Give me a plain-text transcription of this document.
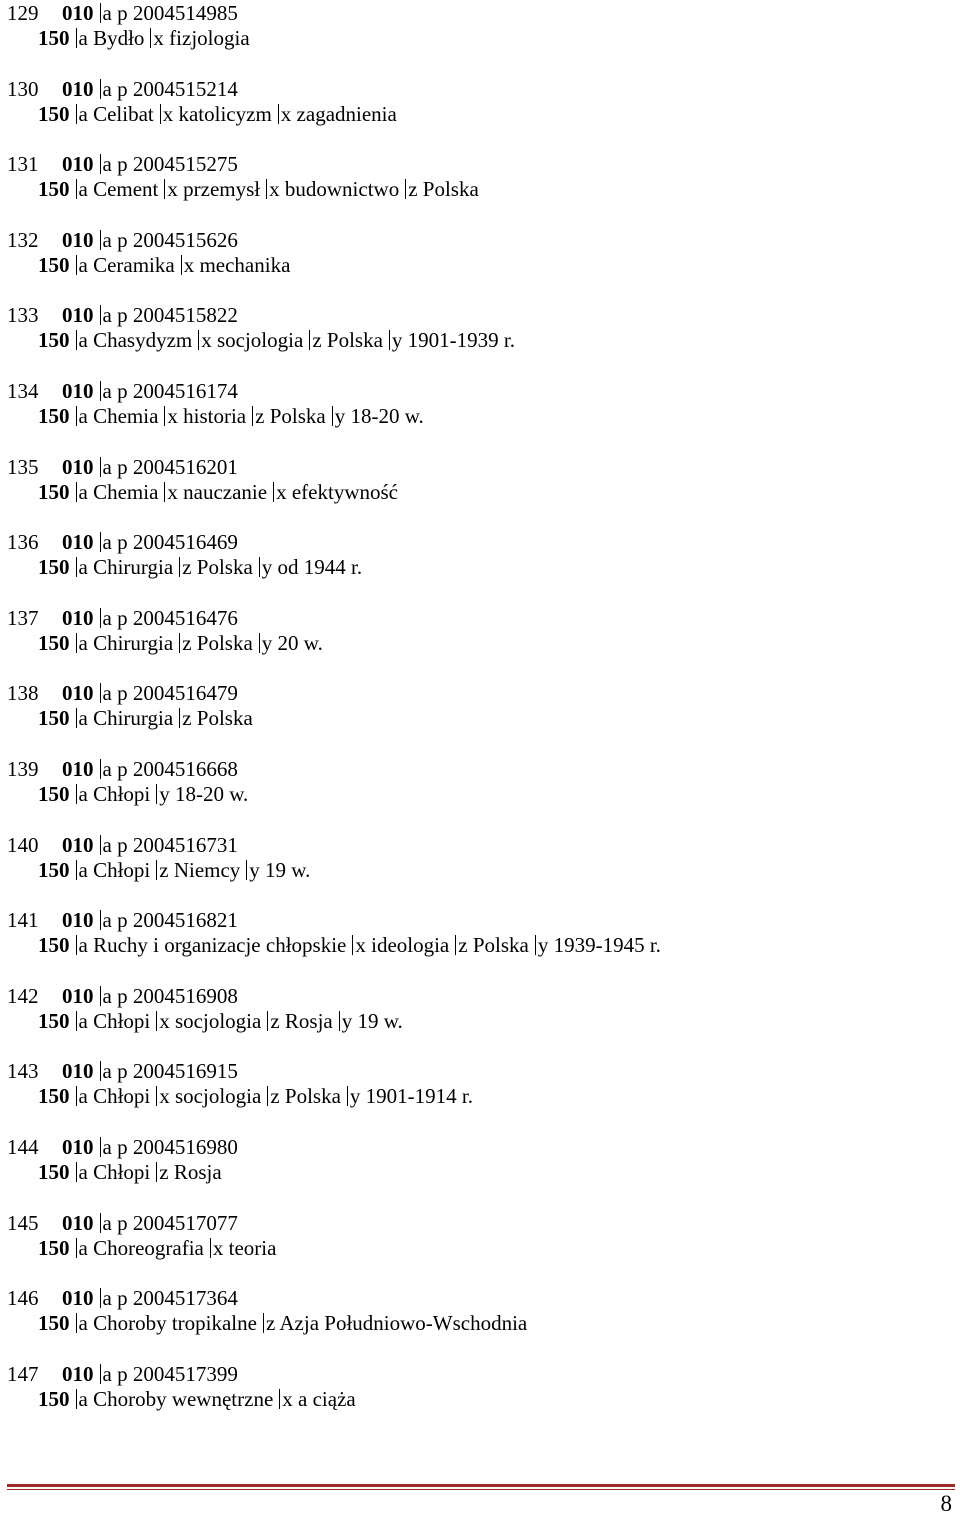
129 010 a p 2004514985
150 a Bydło x fizjologia
130 010 a p 2004515214
150 a Celibat x katolicyzm x zagadnienia
131 010 a p 2004515275
150 a Cement x przemysł x budownictwo z Polska
132 010 a p 2004515626
150 a Ceramika x mechanika
133 010 a p 2004515822
150 a Chasydyzm x socjologia z Polska y 1901-1939 r.
134 010 a p 2004516174
150 a Chemia x historia z Polska y 18-20 w.
135 010 a p 2004516201
150 a Chemia x nauczanie x efektywność
136 010 a p 2004516469
150 a Chirurgia z Polska y od 1944 r.
137 010 a p 2004516476
150 a Chirurgia z Polska y 20 w.
138 010 a p 2004516479
150 a Chirurgia z Polska
139 010 a p 2004516668
150 a Chłopi y 18-20 w.
140 010 a p 2004516731
150 a Chłopi z Niemcy y 19 w.
141 010 a p 2004516821
150 a Ruchy i organizacje chłopskie x ideologia z Polska y 1939-1945 r.
142 010 a p 2004516908
150 a Chłopi x socjologia z Rosja y 19 w.
143 010 a p 2004516915
150 a Chłopi x socjologia z Polska y 1901-1914 r.
144 010 a p 2004516980
150 a Chłopi z Rosja
145 010 a p 2004517077
150 a Choreografia x teoria
146 010 a p 2004517364
150 a Choroby tropikalne z Azja Południowo-Wschodnia
147 010 a p 2004517399
150 a Choroby wewnętrzne x a ciąża
8
